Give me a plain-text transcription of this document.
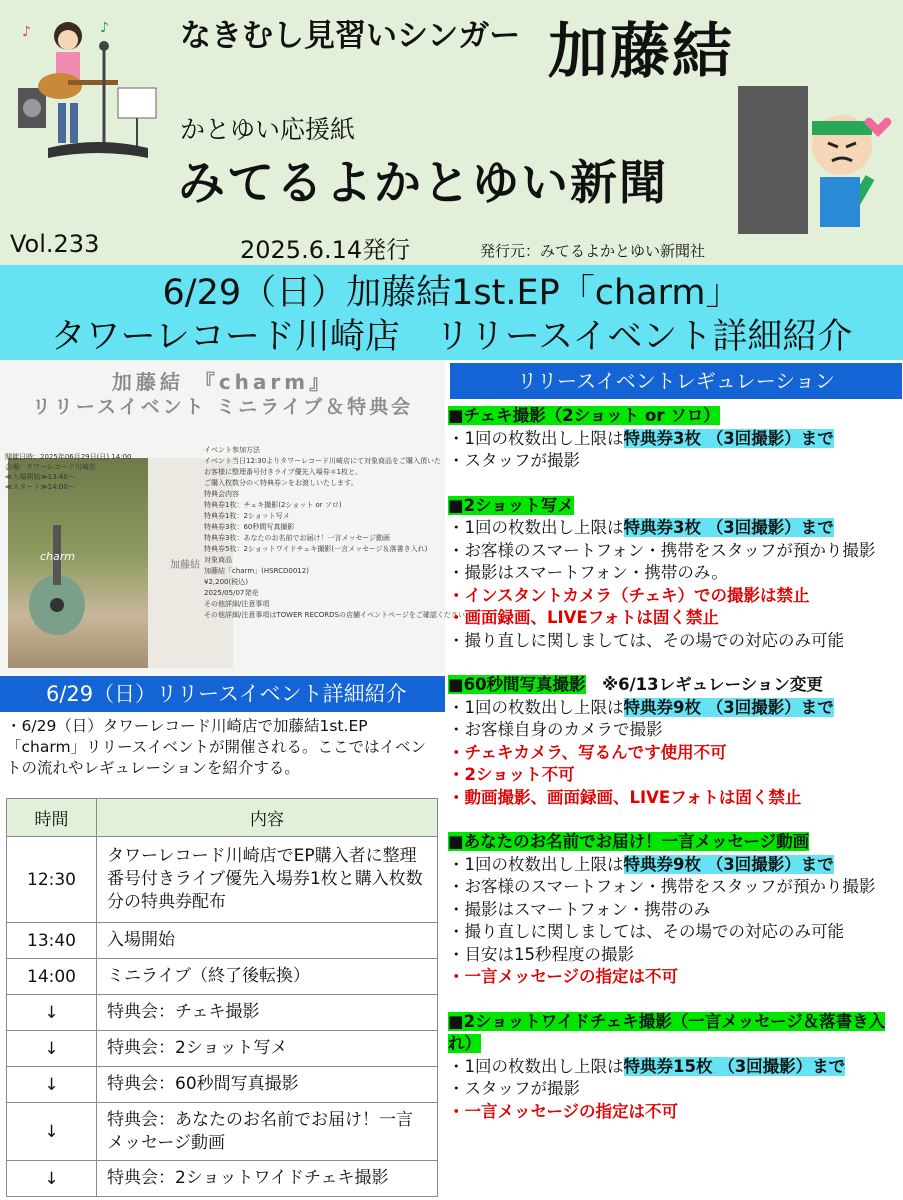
♪	♪ なきむし見習いシンガー 加藤結
かとゆい応援紙
みてるよかとゆい新聞
Vol.233	2025.6.14発行	発行元：みてるよかとゆい新聞社
6/29（日）加藤結1st.EP「charm」
タワーレコード川崎店　リリースイベント詳細紹介
加藤結 『charm』
リリースイベント ミニライブ＆特典会
charm
加藤結
開催日時：2025年06月29日(日) 14:00
会場：タワーレコード川崎店
≪入場開始≫13:40～
≪スタート≫14:00～
イベント参加方法
イベント当日12:30よりタワーレコード川崎店にて対象商品をご購入頂いた
お客様に整理番号付きライブ優先入場券＊1枚と、
ご購入枚数分の＜特典券＞をお渡しいたします。
特典会内容
特典券1枚：チェキ撮影(2ショット or ソロ)
特典券1枚：2ショット写メ
特典券3枚：60秒間写真撮影
特典券3枚：あなたのお名前でお届け！一言メッセージ動画
特典券5枚：2ショットワイドチェキ撮影(一言メッセージ＆落書き入れ)
対象商品
加藤結「charm」(HSRCD0012)
¥2,200(税込)
2025/05/07発売
その他詳細/注意事項
その他詳細/注意事項はTOWER RECORDSの店舗イベントページをご確認ください。
6/29（日）リリースイベント詳細紹介
・6/29（日）タワーレコード川崎店で加藤結1st.EP「charm」リリースイベントが開催される。ここではイベントの流れやレギュレーションを紹介する。
時間	内容
12:30	タワーレコード川崎店でEP購入者に整理番号付きライブ優先入場券1枚と購入枚数分の特典券配布
13:40	入場開始
14:00	ミニライブ（終了後転換）
↓	特典会：チェキ撮影
↓	特典会：2ショット写メ
↓	特典会：60秒間写真撮影
↓	特典会：あなたのお名前でお届け！一言メッセージ動画
↓	特典会：2ショットワイドチェキ撮影
リリースイベントレギュレーション
■チェキ撮影（2ショット or ソロ）
・1回の枚数出し上限は特典券3枚 （3回撮影）まで
・スタッフが撮影
■2ショット写メ
・1回の枚数出し上限は特典券3枚 （3回撮影）まで
・お客様のスマートフォン・携帯をスタッフが預かり撮影
・撮影はスマートフォン・携帯のみ。
・インスタントカメラ（チェキ）での撮影は禁止
・画面録画、LIVEフォトは固く禁止
・撮り直しに関しましては、その場での対応のみ可能
■60秒間写真撮影　※6/13レギュレーション変更
・1回の枚数出し上限は特典券9枚 （3回撮影）まで
・お客様自身のカメラで撮影
・チェキカメラ、写るんです使用不可
・2ショット不可
・動画撮影、画面録画、LIVEフォトは固く禁止
■あなたのお名前でお届け！一言メッセージ動画
・1回の枚数出し上限は特典券9枚 （3回撮影）まで
・お客様のスマートフォン・携帯をスタッフが預かり撮影
・撮影はスマートフォン・携帯のみ
・撮り直しに関しましては、その場での対応のみ可能
・目安は15秒程度の撮影
・一言メッセージの指定は不可
■2ショットワイドチェキ撮影（一言メッセージ＆落書き入れ）
・1回の枚数出し上限は特典券15枚 （3回撮影）まで
・スタッフが撮影
・一言メッセージの指定は不可
